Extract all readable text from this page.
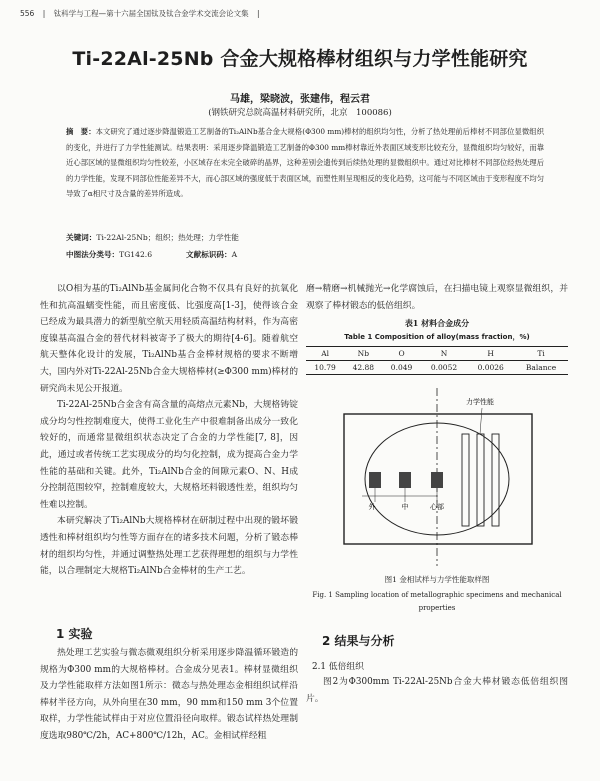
556 | 钛科学与工程—第十六届全国钛及钛合金学术交流会论文集 |
Ti-22Al-25Nb 合金大规格棒材组织与力学性能研究
马雄，梁晓波，张建伟，程云君
(钢铁研究总院高温材料研究所，北京　100086)
摘　要：本文研究了通过逐步降温锻造工艺制备的Ti₂AlNb基合金大规格(Φ300 mm)棒材的组织均匀性，分析了热处理前后棒材不同部位显微组织的变化，并进行了力学性能测试。结果表明：采用逐步降温锻造工艺制备的Φ300 mm棒材靠近外表面区域变形比较充分，显微组织均匀较好，而靠近心部区域的显微组织均匀性较差，小区域存在未完全破碎的晶界，这种差别会遗传到后续热处理的显微组织中。通过对比棒材不同部位经热处理后的力学性能，发现不同部位性能差异不大，而心部区域的强度低于表面区域，而塑性则呈现相反的变化趋势，这可能与不同区域由于变形程度不均匀导致了α相尺寸及含量的差异所造成。
关键词：Ti-22Al-25Nb；组织；热处理；力学性能
中图法分类号：TG142.6	文献标识码：A

以O相为基的Ti₂AlNb基金属间化合物不仅具有良好的抗氧化性和抗高温蠕变性能，而且密度低、比强度高[1-3]，使得该合金已经成为最具潜力的新型航空航天用轻质高温结构材料，作为高密度镍基高温合金的替代材料被寄予了极大的期待[4-6]。随着航空航天整体化设计的发展，Ti₂AlNb基合金棒材规格的要求不断增大，国内外对Ti-22Al-25Nb合金大规格棒材(≥Φ300 mm)棒材的研究尚未见公开报道。

Ti-22Al-25Nb合金含有高含量的高熔点元素Nb，大规格铸锭成分均匀性控制难度大，使得工业化生产中很难制备出成分一致化较好的，而通常显微组织状态决定了合金的力学性能[7, 8]，因此，通过或者传统工艺实现成分的均匀化控制，成为提高合金力学性能的基础和关键。此外，Ti₂AlNb合金的间隙元素O、N、H成分控制范围较窄，控制难度较大，大规格坯料锻透性差，组织均匀性难以控制。

本研究解决了Ti₂AlNb大规格棒材在研制过程中出现的锻坏锻透性和棒材组织均匀性等方面存在的诸多技术问题，分析了锻态棒材的组织均匀性，并通过调整热处理工艺获得理想的组织与力学性能，以合理制定大规格Ti₂AlNb合金棒材的生产工艺。

1 实验

热处理工艺实验与微态微观组织分析采用逐步降温循环锻造的规格为Φ300 mm的大规格棒材。合金成分见表1。棒材显微组织及力学性能取样方法如图1所示：微态与热处理态金相组织试样沿棒材半径方向，从外向里在30 mm，90 mm和150 mm 3个位置取样，力学性能试样由于对应位置沿径向取样。锻态试样热处理制度选取980℃/2h，AC+800℃/12h，AC。金相试样经粗

磨→精磨→机械抛光→化学腐蚀后，在扫描电镜上观察显微组织，并观察了棒材锻态的低倍组织。

表1 材料合金成分
Table 1 Composition of alloy(mass fraction，%)
Al	Nb	O	N	H	Ti
10.79	42.88	0.049	0.0052	0.0026	Balance
力学性能
外	中	心部
图1 金相试样与力学性能取样图
Fig. 1 Sampling location of metallographic specimens and mechanical properties
2 结果与分析
2.1 低倍组织
图2为Φ300mm Ti-22Al-25Nb合金大棒材锻态低倍组织图片。
